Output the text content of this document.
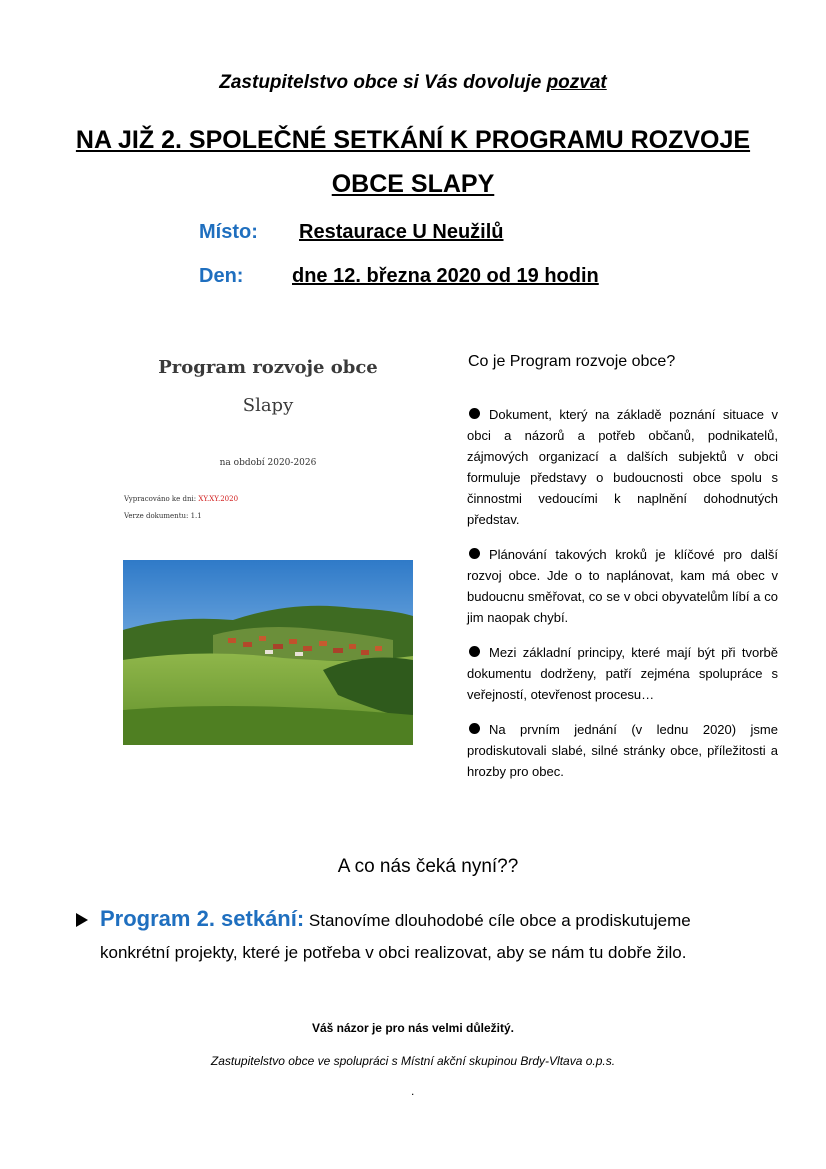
Zastupitelstvo obce si Vás dovoluje pozvat
NA JIŽ 2. SPOLEČNÉ SETKÁNÍ K PROGRAMU ROZVOJE
OBCE SLAPY
Místo: Restaurace U Neužilů
Den: dne 12. března 2020 od 19 hodin
Program rozvoje obce
Slapy
na období 2020-2026
Vypracováno ke dni: XY.XY.2020
Verze dokumentu: 1.1
Co je Program rozvoje obce?

Dokument, který na základě poznání situace v obci a názorů a potřeb občanů, podnikatelů, zájmových organizací a dalších subjektů v obci formuluje představy o budoucnosti obce spolu s činnostmi vedoucími k naplnění dohodnutých představ.

Plánování takových kroků je klíčové pro další rozvoj obce. Jde o to naplánovat, kam má obec v budoucnu směřovat, co se v obci obyvatelům líbí a co jim naopak chybí.

Mezi základní principy, které mají být při tvorbě dokumentu dodrženy, patří zejména spolupráce s veřejností, otevřenost procesu…

Na prvním jednání (v lednu 2020) jsme prodiskutovali slabé, silné stránky obce, příležitosti a hrozby pro obec.

A co nás čeká nyní??
Program 2. setkání: Stanovíme dlouhodobé cíle obce a prodiskutujeme
konkrétní projekty, které je potřeba v obci realizovat, aby se nám tu dobře žilo.
Váš názor je pro nás velmi důležitý.
Zastupitelstvo obce ve spolupráci s Místní akční skupinou Brdy-Vltava o.p.s.
.
